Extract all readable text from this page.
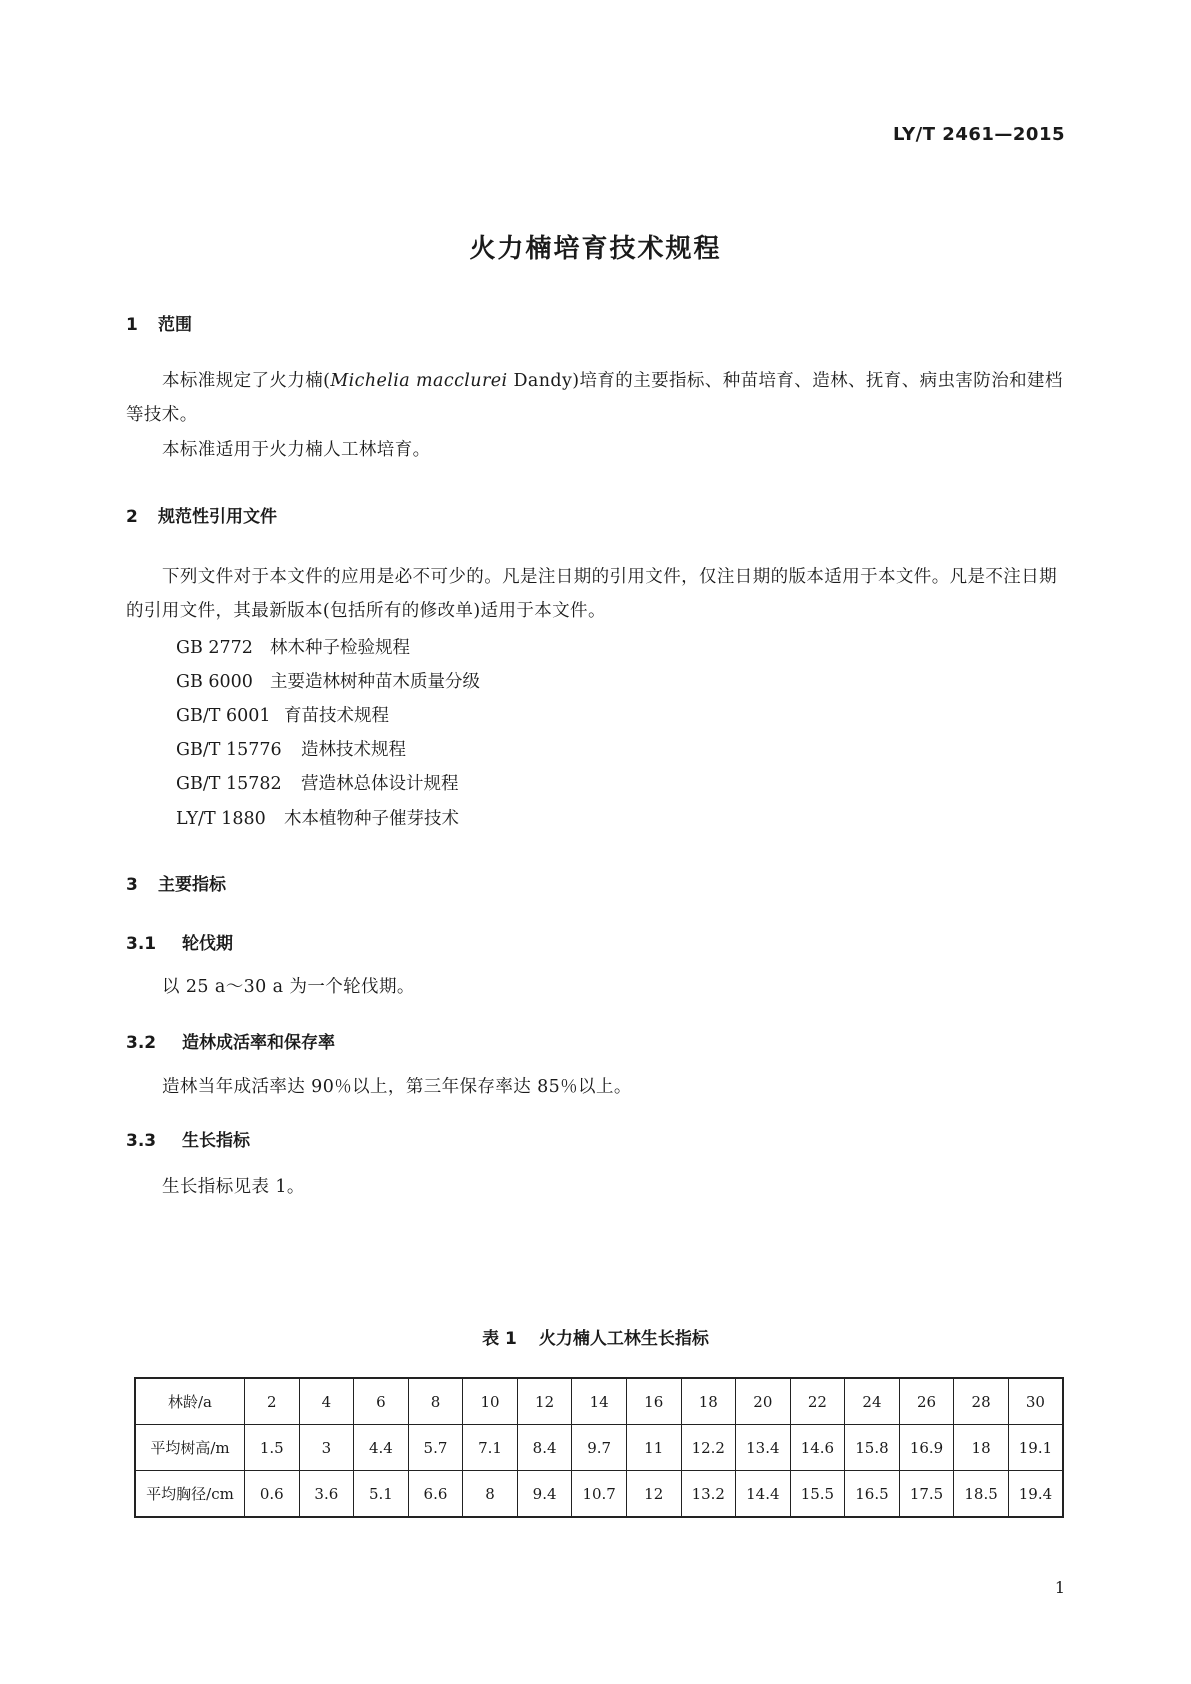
LY/T 2461—2015
火力楠培育技术规程
1 范围
本标准规定了火力楠(Michelia macclurei Dandy)培育的主要指标、种苗培育、造林、抚育、病虫害防治和建档等技术。
本标准适用于火力楠人工林培育。
2 规范性引用文件
下列文件对于本文件的应用是必不可少的。凡是注日期的引用文件，仅注日期的版本适用于本文件。凡是不注日期的引用文件，其最新版本(包括所有的修改单)适用于本文件。
GB 2772 林木种子检验规程
GB 6000 主要造林树种苗木质量分级
GB/T 6001 育苗技术规程
GB/T 15776 造林技术规程
GB/T 15782 营造林总体设计规程
LY/T 1880 木本植物种子催芽技术
3 主要指标
3.1 轮伐期
以 25 a～30 a 为一个轮伐期。
3.2 造林成活率和保存率
造林当年成活率达 90％以上，第三年保存率达 85％以上。
3.3 生长指标
生长指标见表 1。
表 1 火力楠人工林生长指标
林龄/a	2	4	6	8	10	12	14	16	18	20	22	24	26	28	30
平均树高/m	1.5	3	4.4	5.7	7.1	8.4	9.7	11	12.2	13.4	14.6	15.8	16.9	18	19.1
平均胸径/cm	0.6	3.6	5.1	6.6	8	9.4	10.7	12	13.2	14.4	15.5	16.5	17.5	18.5	19.4
1
